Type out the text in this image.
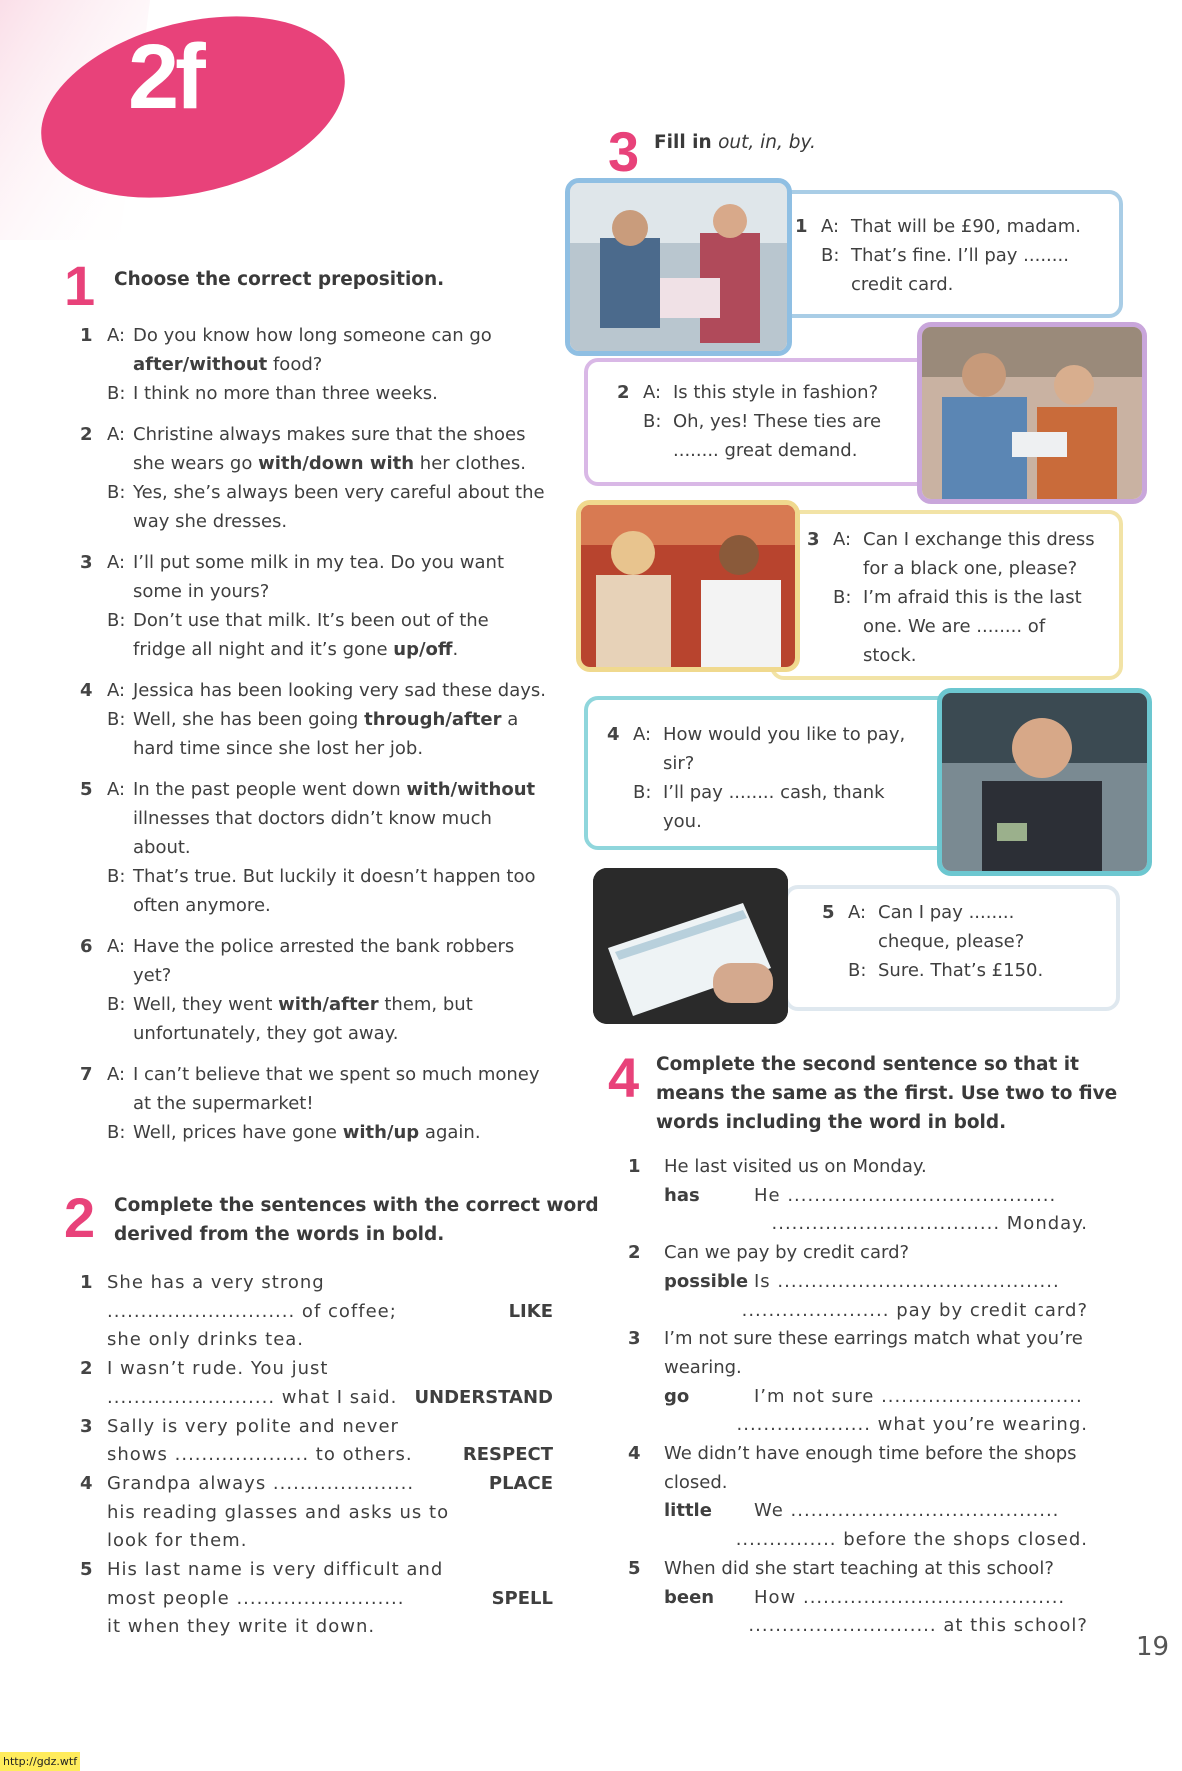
2f
1 Choose the correct preposition.
1 A: Do you know how long someone can go
after/without food?
B: I think no more than three weeks.
2 A: Christine always makes sure that the shoes
she wears go with/down with her clothes.
B: Yes, she’s always been very careful about the
way she dresses.
3 A: I’ll put some milk in my tea. Do you want
some in yours?
B: Don’t use that milk. It’s been out of the
fridge all night and it’s gone up/off.
4 A: Jessica has been looking very sad these days.
B: Well, she has been going through/after a
hard time since she lost her job.
5 A: In the past people went down with/without
illnesses that doctors didn’t know much
about.
B: That’s true. But luckily it doesn’t happen too
often anymore.
6 A: Have the police arrested the bank robbers
yet?
B: Well, they went with/after them, but
unfortunately, they got away.
7 A: I can’t believe that we spent so much money
at the supermarket!
B: Well, prices have gone with/up again.
2 Complete the sentences with the correct word
derived from the words in bold.
1 She has a very strong
............................ of coffee;	LIKE
she only drinks tea.
2 I wasn’t rude. You just
......................... what I said. UNDERSTAND
3 Sally is very polite and never
shows .................... to others.	RESPECT
4 Grandpa always .....................	PLACE
his reading glasses and asks us to
look for them.
5 His last name is very difficult and
most people .........................	SPELL
it when they write it down.
3 Fill in out, in, by.
1 A: That will be £90, madam.
B: That’s fine. I’ll pay ........
credit card.
2 A: Is this style in fashion?
B: Oh, yes! These ties are
........ great demand.
3 A: Can I exchange this dress
for a black one, please?
B: I’m afraid this is the last
one. We are ........ of
stock.
4 A: How would you like to pay,
sir?
B: I’ll pay ........ cash, thank
you.
5 A: Can I pay ........
cheque, please?
B: Sure. That’s £150.
4 Complete the second sentence so that it
means the same as the first. Use two to five
words including the word in bold.
1 He last visited us on Monday.
has	He ........................................
.................................. Monday.
2 Can we pay by credit card?
possible Is ..........................................
...................... pay by credit card?
3 I’m not sure these earrings match what you’re
wearing.
go	I’m not sure ..............................
.................... what you’re wearing.
4 We didn’t have enough time before the shops
closed.
little We ........................................
............... before the shops closed.
5 When did she start teaching at this school?
been How .......................................
............................ at this school?
19
http://gdz.wtf
